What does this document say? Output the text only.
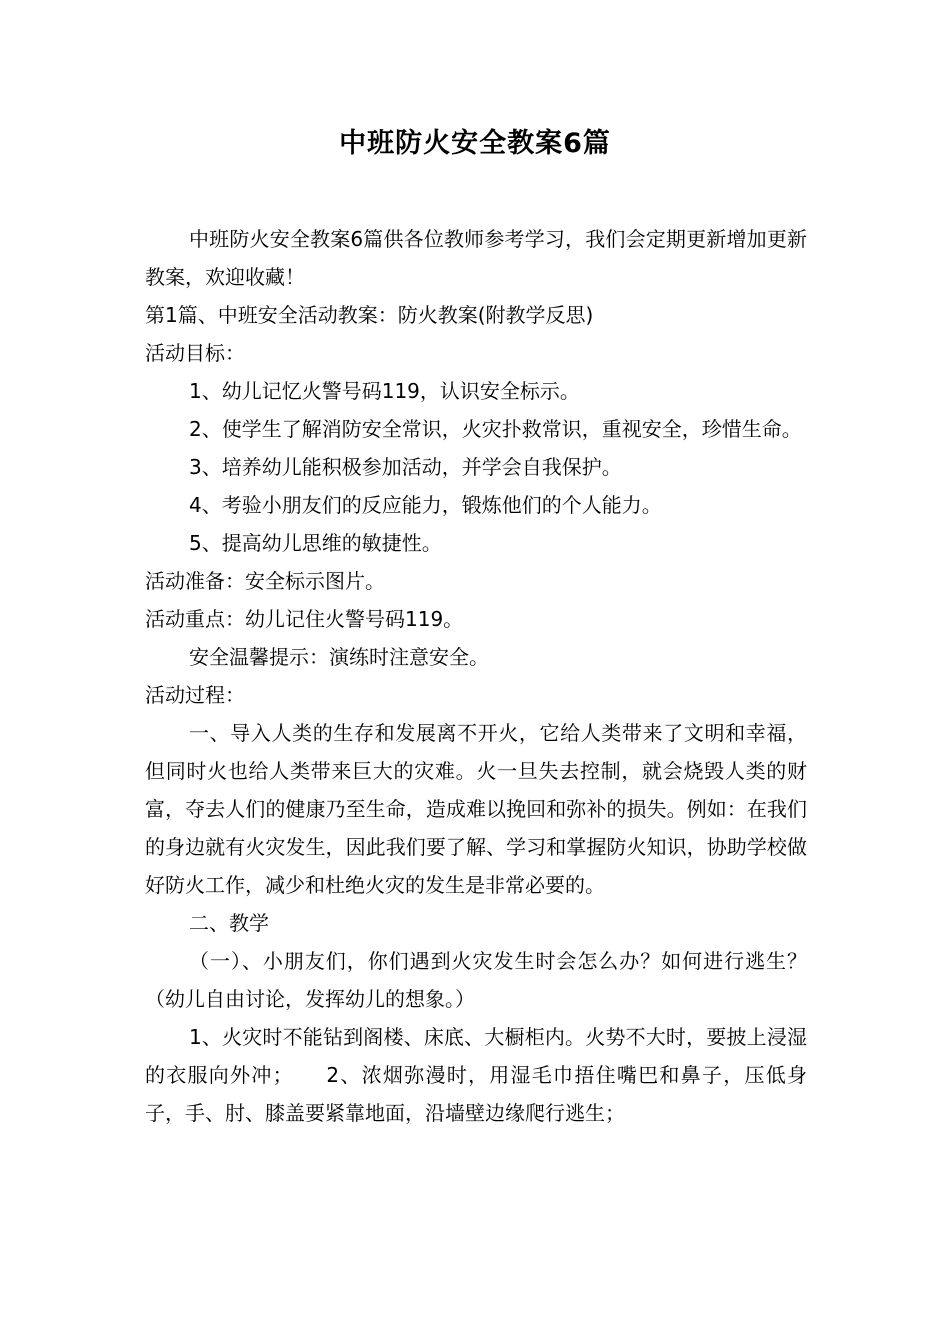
中班防火安全教案6篇

中班防火安全教案6篇供各位教师参考学习，我们会定期更新增加更新教案，欢迎收藏！

第1篇、中班安全活动教案：防火教案(附教学反思)

活动目标：

1、幼儿记忆火警号码119，认识安全标示。

2、使学生了解消防安全常识，火灾扑救常识，重视安全，珍惜生命。

3、培养幼儿能积极参加活动，并学会自我保护。

4、考验小朋友们的反应能力，锻炼他们的个人能力。

5、提高幼儿思维的敏捷性。

活动准备：安全标示图片。

活动重点：幼儿记住火警号码119。

安全温馨提示：演练时注意安全。

活动过程：

一、导入人类的生存和发展离不开火，它给人类带来了文明和幸福，但同时火也给人类带来巨大的灾难。火一旦失去控制，就会烧毁人类的财富，夺去人们的健康乃至生命，造成难以挽回和弥补的损失。例如：在我们的身边就有火灾发生，因此我们要了解、学习和掌握防火知识，协助学校做好防火工作，减少和杜绝火灾的发生是非常必要的。

二、教学

（一）、小朋友们，你们遇到火灾发生时会怎么办？如何进行逃生？（幼儿自由讨论，发挥幼儿的想象。）

1、火灾时不能钻到阁楼、床底、大橱柜内。火势不大时，要披上浸湿的衣服向外冲；　　2、浓烟弥漫时，用湿毛巾捂住嘴巴和鼻子，压低身子，手、肘、膝盖要紧靠地面，沿墙壁边缘爬行逃生；
